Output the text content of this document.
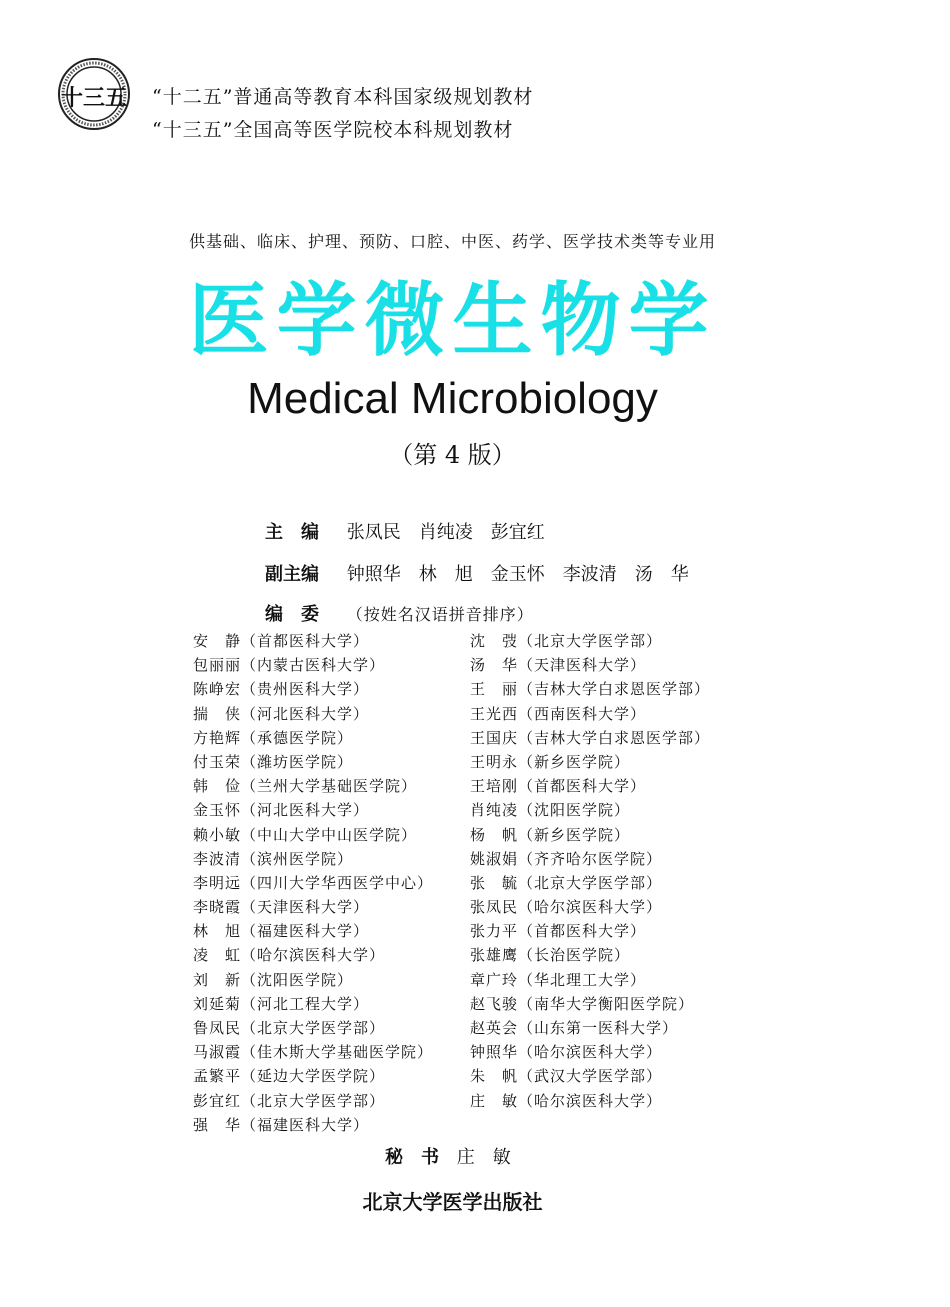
十三五 “十二五”普通高等教育本科国家级规划教材
“十三五”全国高等医学院校本科规划教材
供基础、临床、护理、预防、口腔、中医、药学、医学技术类等专业用
医学微生物学
Medical Microbiology
（第 4 版）
主　编 张凤民　肖纯凌　彭宜红
副主编 钟照华　林　旭　金玉怀　李波清　汤　华
编　委 （按姓名汉语拼音排序）
安　静（首都医科大学）
包丽丽（内蒙古医科大学）
陈峥宏（贵州医科大学）
揣　侠（河北医科大学）
方艳辉（承德医学院）
付玉荣（潍坊医学院）
韩　俭（兰州大学基础医学院）
金玉怀（河北医科大学）
赖小敏（中山大学中山医学院）
李波清（滨州医学院）
李明远（四川大学华西医学中心）
李晓霞（天津医科大学）
林　旭（福建医科大学）
凌　虹（哈尔滨医科大学）
刘　新（沈阳医学院）
刘延菊（河北工程大学）
鲁凤民（北京大学医学部）
马淑霞（佳木斯大学基础医学院）
孟繁平（延边大学医学院）
彭宜红（北京大学医学部）
强　华（福建医科大学）
沈　弢（北京大学医学部）
汤　华（天津医科大学）
王　丽（吉林大学白求恩医学部）
王光西（西南医科大学）
王国庆（吉林大学白求恩医学部）
王明永（新乡医学院）
王培刚（首都医科大学）
肖纯凌（沈阳医学院）
杨　帆（新乡医学院）
姚淑娟（齐齐哈尔医学院）
张　毓（北京大学医学部）
张凤民（哈尔滨医科大学）
张力平（首都医科大学）
张雄鹰（长治医学院）
章广玲（华北理工大学）
赵飞骏（南华大学衡阳医学院）
赵英会（山东第一医科大学）
钟照华（哈尔滨医科大学）
朱　帆（武汉大学医学部）
庄　敏（哈尔滨医科大学）
秘　书 庄　敏
北京大学医学出版社
